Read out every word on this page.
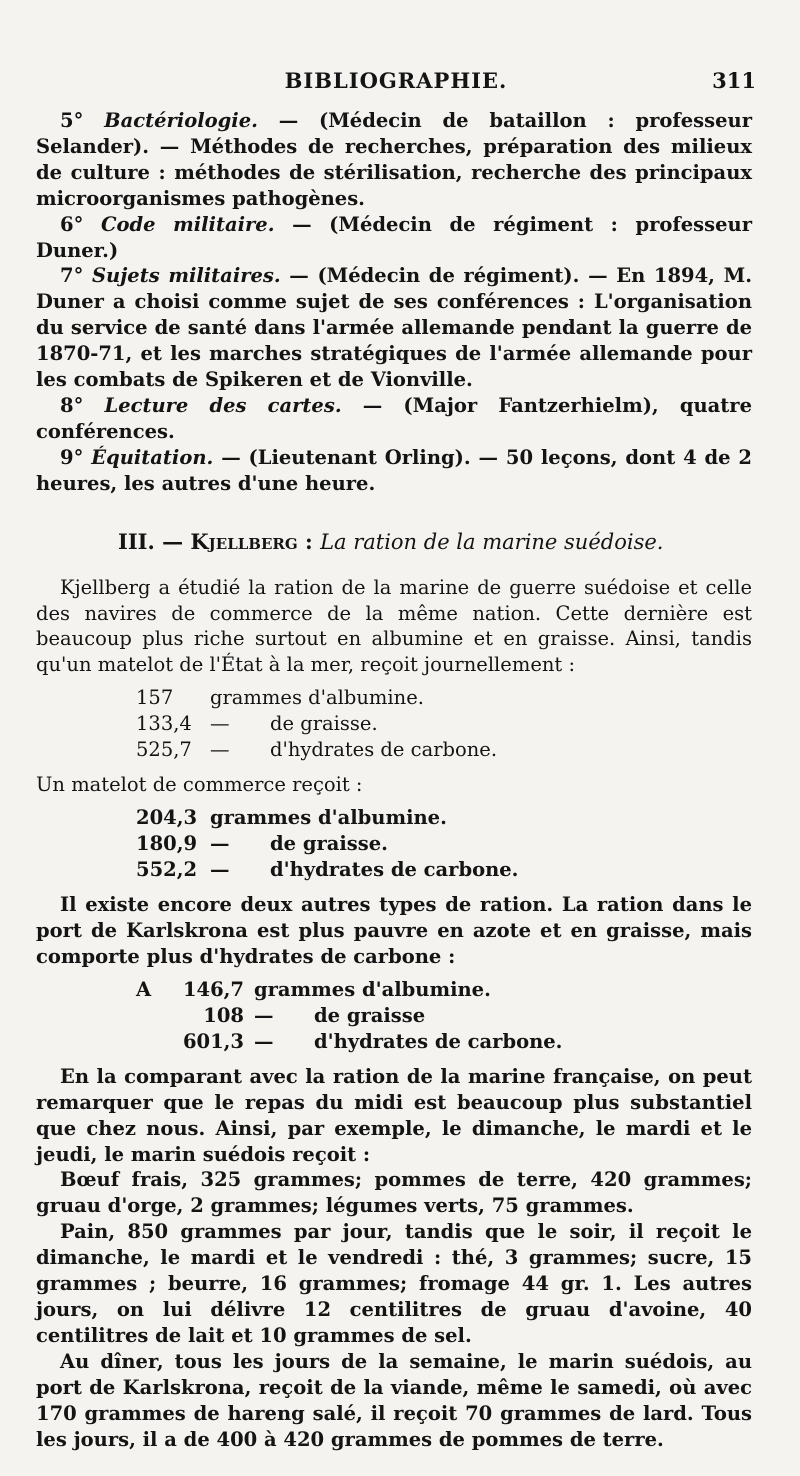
BIBLIOGRAPHIE.	311

5° Bactériologie. — (Médecin de bataillon : professeur Selander). — Méthodes de recherches, préparation des milieux de culture : méthodes de stérilisation, recherche des principaux microorganismes pathogènes.

6° Code militaire. — (Médecin de régiment : professeur Duner.)

7° Sujets militaires. — (Médecin de régiment). — En 1894, M. Duner a choisi comme sujet de ses conférences : L'organisation du service de santé dans l'armée allemande pendant la guerre de 1870-71, et les marches stratégiques de l'armée allemande pour les combats de Spikeren et de Vionville.

8° Lecture des cartes. — (Major Fantzerhielm), quatre conférences.

9° Équitation. — (Lieutenant Orling). — 50 leçons, dont 4 de 2 heures, les autres d'une heure.

III. — Kjellberg : La ration de la marine suédoise.

Kjellberg a étudié la ration de la marine de guerre suédoise et celle des navires de commerce de la même nation. Cette dernière est beaucoup plus riche surtout en albumine et en graisse. Ainsi, tandis qu'un matelot de l'État à la mer, reçoit journellement :

157	grammes d'albumine.	
133,4	—	de graisse.
525,7	—	d'hydrates de carbone.

Un matelot de commerce reçoit :

204,3	grammes d'albumine.	
180,9	—	de graisse.
552,2	—	d'hydrates de carbone.

Il existe encore deux autres types de ration. La ration dans le port de Karlskrona est plus pauvre en azote et en graisse, mais comporte plus d'hydrates de carbone :

A	146,7	grammes d'albumine.	
	108	—	de graisse
	601,3	—	d'hydrates de carbone.

En la comparant avec la ration de la marine française, on peut remarquer que le repas du midi est beaucoup plus substantiel que chez nous. Ainsi, par exemple, le dimanche, le mardi et le jeudi, le marin suédois reçoit :

Bœuf frais, 325 grammes; pommes de terre, 420 grammes; gruau d'orge, 2 grammes; légumes verts, 75 grammes.

Pain, 850 grammes par jour, tandis que le soir, il reçoit le dimanche, le mardi et le vendredi : thé, 3 grammes; sucre, 15 grammes ; beurre, 16 grammes; fromage 44 gr. 1. Les autres jours, on lui délivre 12 centilitres de gruau d'avoine, 40 centilitres de lait et 10 grammes de sel.

Au dîner, tous les jours de la semaine, le marin suédois, au port de Karlskrona, reçoit de la viande, même le samedi, où avec 170 grammes de hareng salé, il reçoit 70 grammes de lard. Tous les jours, il a de 400 à 420 grammes de pommes de terre.
